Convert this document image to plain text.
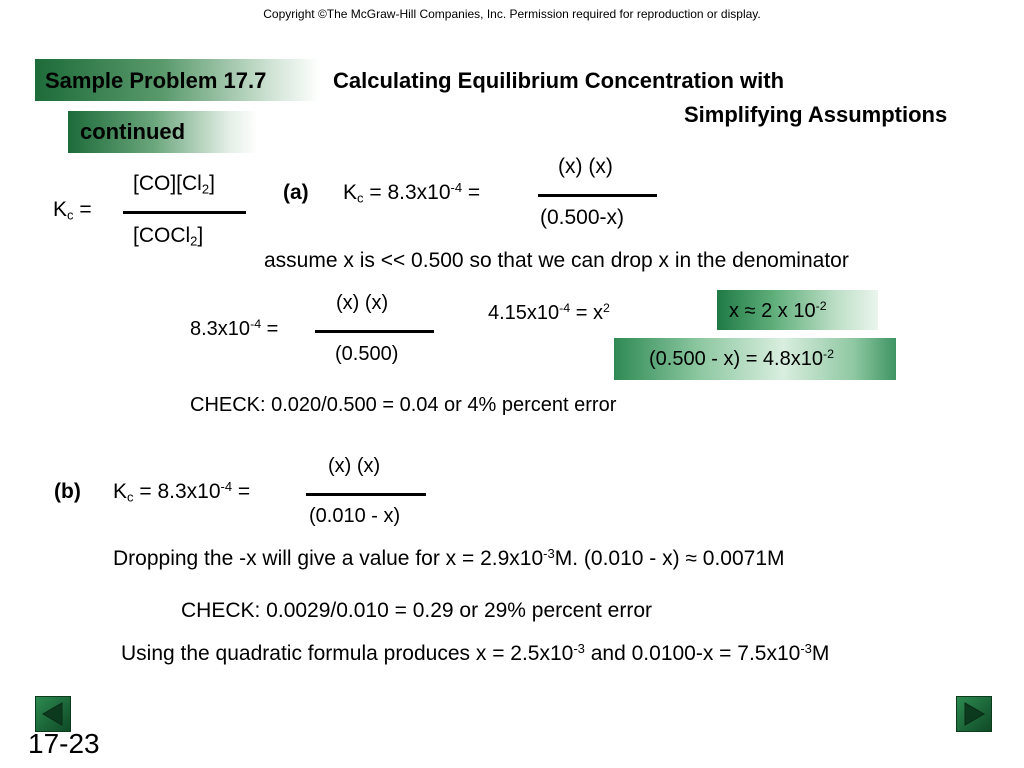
Copyright ©The McGraw-Hill Companies, Inc. Permission required for reproduction or display.
Sample Problem 17.7	Calculating Equilibrium Concentration with
Simplifying Assumptions
continued
$K_c$ =
$[CO][Cl_2]$
[COCl$_2$]
(a) $K_c = 8.3x10^{-4}$ =
(x) (x)
(0.500-x)
assume x is << 0.500 so that we can drop x in the denominator
$8.3x10^{-4}$ =
(x) (x)
(0.500)
$4.15x10^{-4} = x^2$	x ≈ 2 x $10^{-2}$
$(0.500 - x) = 4.8x10^{-2}$
CHECK: 0.020/0.500 = 0.04 or 4% percent error
(b) $K_c = 8.3x10^{-4}$ =
(x) (x)
(0.010 - x)
Dropping the -x will give a value for $x = 2.9x10^{-3}M$. (0.010 - x) ≈ 0.0071M
CHECK: 0.0029/0.010 = 0.29 or 29% percent error
Using the quadratic formula produces $x = 2.5x10^{-3}$ and $0.0100-x = 7.5x10^{-3}M$
17-23
